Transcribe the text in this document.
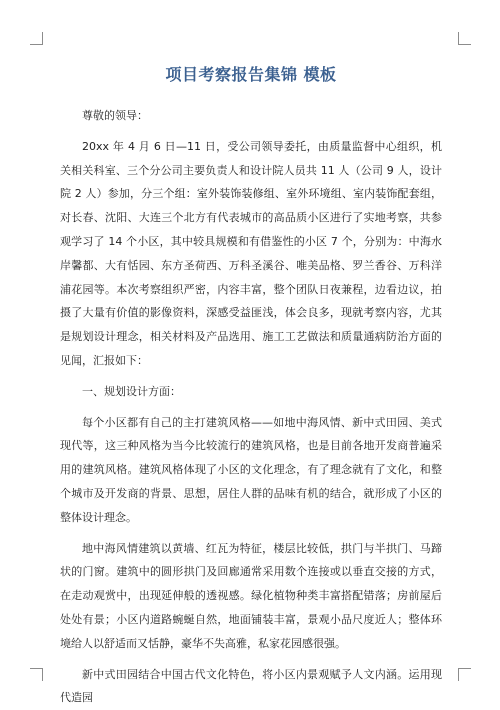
项目考察报告集锦 模板

尊敬的领导：

20xx 年 4 月 6 日—11 日，受公司领导委托，由质量监督中心组织，机关相关科室、三个分公司主要负责人和设计院人员共 11 人（公司 9 人，设计院 2 人）参加，分三个组：室外装饰装修组、室外环境组、室内装饰配套组，对长春、沈阳、大连三个北方有代表城市的高品质小区进行了实地考察，共参观学习了 14 个小区，其中较具规模和有借鉴性的小区 7 个，分别为：中海水岸馨都、大有恬园、东方圣荷西、万科圣溪谷、唯美品格、罗兰香谷、万科洋浦花园等。本次考察组织严密，内容丰富，整个团队日夜兼程，边看边议，拍摄了大量有价值的影像资料，深感受益匪浅，体会良多，现就考察内容，尤其是规划设计理念，相关材料及产品选用、施工工艺做法和质量通病防治方面的见闻，汇报如下：

一、规划设计方面：

每个小区都有自己的主打建筑风格——如地中海风情、新中式田园、美式现代等，这三种风格为当今比较流行的建筑风格，也是目前各地开发商普遍采用的建筑风格。建筑风格体现了小区的文化理念，有了理念就有了文化，和整个城市及开发商的背景、思想，居住人群的品味有机的结合，就形成了小区的整体设计理念。

地中海风情建筑以黄墙、红瓦为特征，楼层比较低，拱门与半拱门、马蹄状的门窗。建筑中的圆形拱门及回廊通常采用数个连接或以垂直交接的方式，在走动观赏中，出现延伸般的透视感。绿化植物种类丰富搭配错落；房前屋后处处有景；小区内道路蜿蜒自然，地面铺装丰富，景观小品尺度近人；整体环境给人以舒适而又恬静，豪华不失高雅，私家花园感很强。

新中式田园结合中国古代文化特色，将小区内景观赋予人文内涵。运用现代造园
